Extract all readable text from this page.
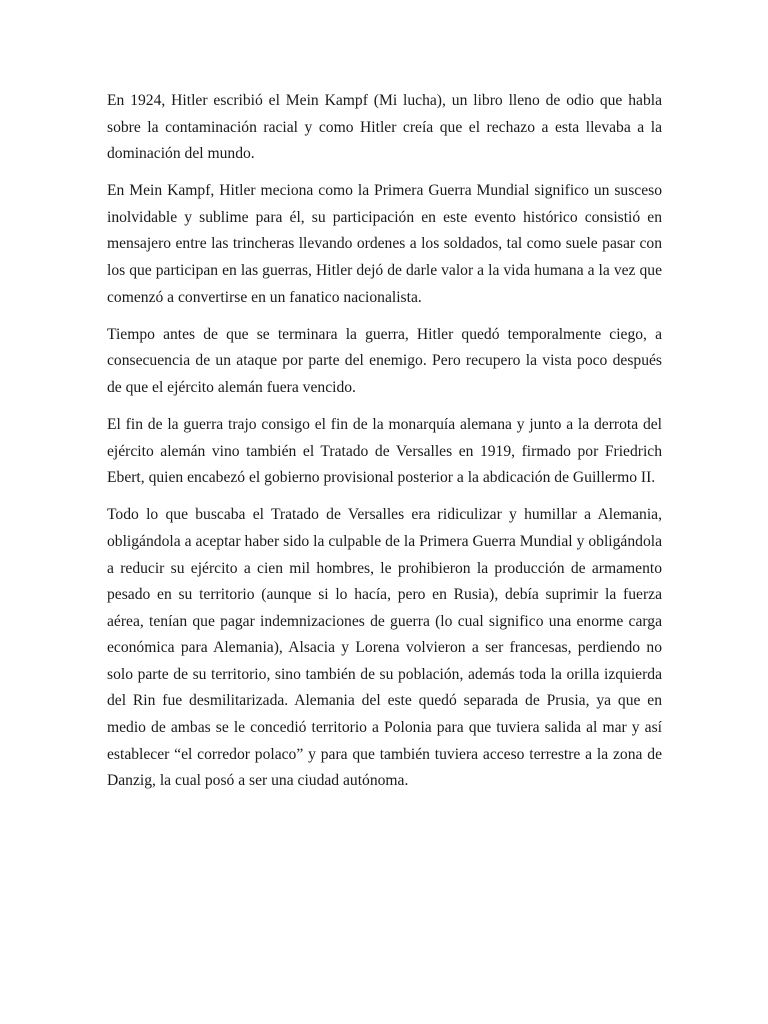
En 1924, Hitler escribió el Mein Kampf (Mi lucha), un libro lleno de odio que habla sobre la contaminación racial y como Hitler creía que el rechazo a esta llevaba a la dominación del mundo.

En Mein Kampf, Hitler meciona como la Primera Guerra Mundial significo un susceso inolvidable y sublime para él, su participación en este evento histórico consistió en mensajero entre las trincheras llevando ordenes a los soldados, tal como suele pasar con los que participan en las guerras, Hitler dejó de darle valor a la vida humana a la vez que comenzó a convertirse en un fanatico nacionalista.

Tiempo antes de que se terminara la guerra, Hitler quedó temporalmente ciego, a consecuencia de un ataque por parte del enemigo. Pero recupero la vista poco después de que el ejército alemán fuera vencido.

El fin de la guerra trajo consigo el fin de la monarquía alemana y junto a la derrota del ejército alemán vino también el Tratado de Versalles en 1919, firmado por Friedrich Ebert, quien encabezó el gobierno provisional posterior a la abdicación de Guillermo II.

Todo lo que buscaba el Tratado de Versalles era ridiculizar y humillar a Alemania, obligándola a aceptar haber sido la culpable de la Primera Guerra Mundial y obligándola a reducir su ejército a cien mil hombres, le prohibieron la producción de armamento pesado en su territorio (aunque si lo hacía, pero en Rusia), debía suprimir la fuerza aérea, tenían que pagar indemnizaciones de guerra (lo cual significo una enorme carga económica para Alemania), Alsacia y Lorena volvieron a ser francesas, perdiendo no solo parte de su territorio, sino también de su población, además toda la orilla izquierda del Rin fue desmilitarizada. Alemania del este quedó separada de Prusia, ya que en medio de ambas se le concedió territorio a Polonia para que tuviera salida al mar y así establecer “el corredor polaco” y para que también tuviera acceso terrestre a la zona de Danzig, la cual posó a ser una ciudad autónoma.
